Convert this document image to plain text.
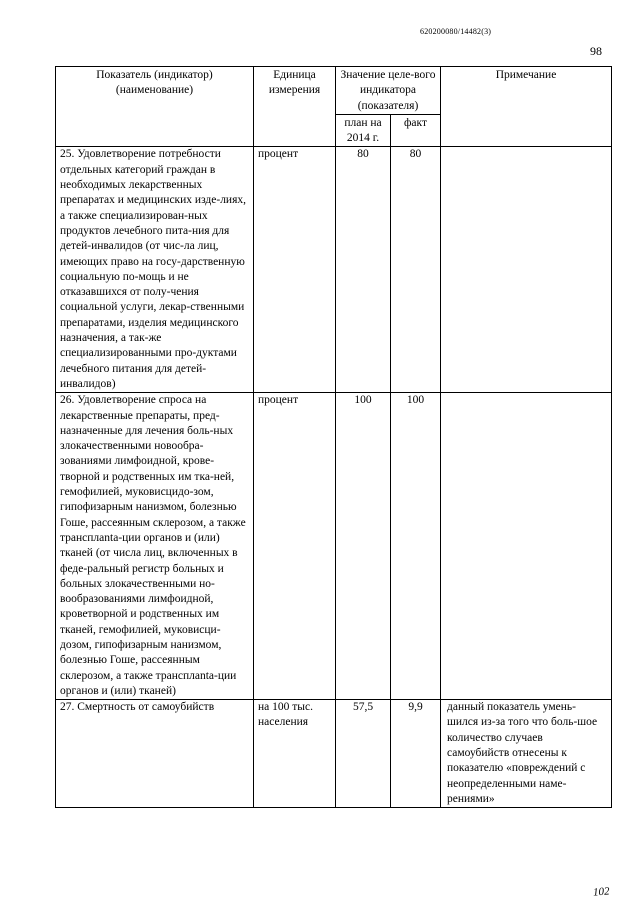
620200080/14482(3)
98
Показатель (индикатор) (наименование)	Единица измерения	Значение целе-вого индикатора (показателя)		Примечание
		план на 2014 г.	факт	
25. Удовлетворение потребности отдельных категорий граждан в необходимых лекарственных препаратах и медицинских изде-лиях, а также специализирован-ных продуктов лечебного пита-ния для детей-инвалидов (от чис-ла лиц, имеющих право на госу-дарственную социальную по-мощь и не отказавшихся от полу-чения социальной услуги, лекар-ственными препаратами, изделия медицинского назначения, а так-же специализированными про-дуктами лечебного питания для детей-инвалидов)	процент	80	80	
26. Удовлетворение спроса на лекарственные препараты, пред-назначенные для лечения боль-ных злокачественными новообра-зованиями лимфоидной, крове-творной и родственных им тка-ней, гемофилией, муковисцидо-зом, гипофизарным нанизмом, болезнью Гоше, рассеянным склерозом, а также трансплanta-ции органов и (или) тканей (от числа лиц, включенных в феде-ральный регистр больных и больных злокачественными но-вообразованиями лимфоидной, кроветворной и родственных им тканей, гемофилией, муковисци-дозом, гипофизарным нанизмом, болезнью Гоше, рассеянным склерозом, а также трансплanta-ции органов и (или) тканей)	процент	100	100	
27. Смертность от самоубийств	на 100 тыс. населения	57,5	9,9	данный показатель умень-шился из-за того что боль-шое количество случаев самоубийств отнесены к показателю «повреждений с неопределенными наме-рениями»
102
